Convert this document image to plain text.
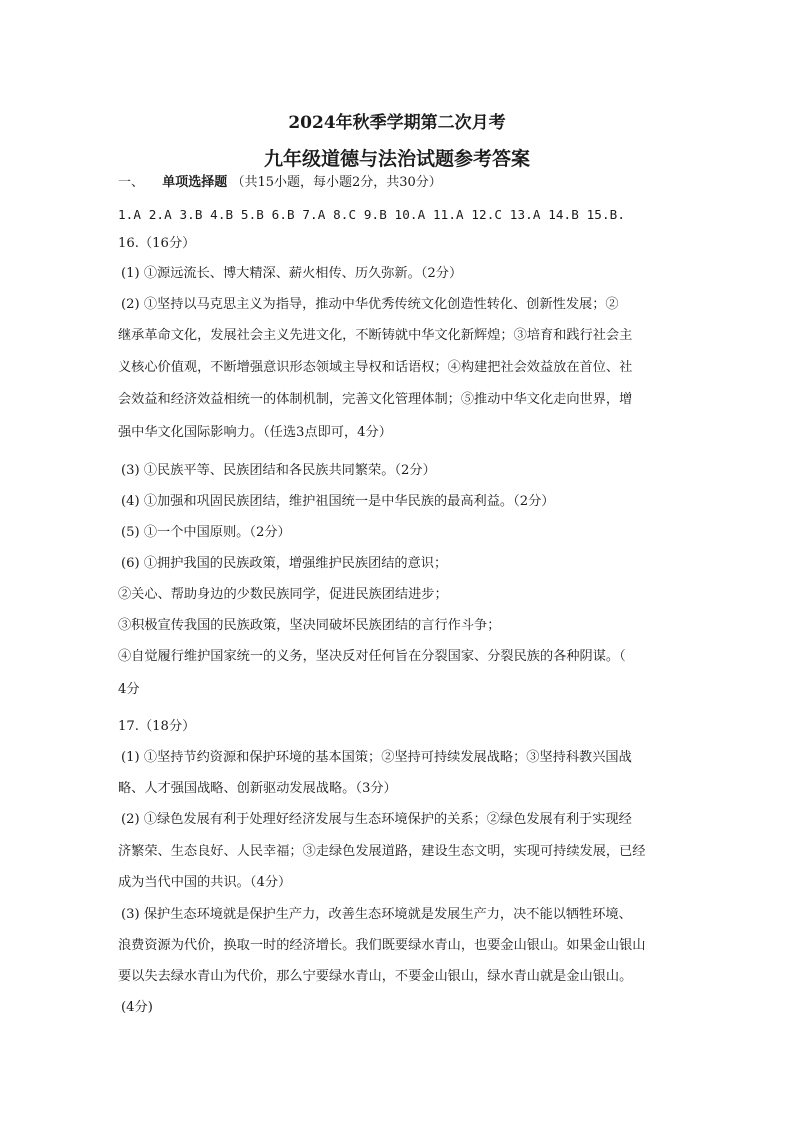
2024年秋季学期第二次月考
九年级道德与法治试题参考答案
一、 单项选择题 （共15小题，每小题2分，共30分）
1.A 2.A 3.B 4.B 5.B 6.B 7.A 8.C 9.B 10.A 11.A 12.C 13.A 14.B 15.B.
16.（16分）
(1) ①源远流长、博大精深、薪火相传、历久弥新。（2分）
(2) ①坚持以马克思主义为指导，推动中华优秀传统文化创造性转化、创新性发展；②
继承革命文化，发展社会主义先进文化，不断铸就中华文化新辉煌；③培育和践行社会主
义核心价值观，不断增强意识形态领域主导权和话语权；④构建把社会效益放在首位、社
会效益和经济效益相统一的体制机制，完善文化管理体制；⑤推动中华文化走向世界，增
强中华文化国际影响力。（任选3点即可，4分）
(3) ①民族平等、民族团结和各民族共同繁荣。（2分）
(4) ①加强和巩固民族团结，维护祖国统一是中华民族的最高利益。（2分）
(5) ①一个中国原则。（2分）
(6) ①拥护我国的民族政策，增强维护民族团结的意识；
②关心、帮助身边的少数民族同学，促进民族团结进步；
③积极宣传我国的民族政策，坚决同破坏民族团结的言行作斗争；
④自觉履行维护国家统一的义务，坚决反对任何旨在分裂国家、分裂民族的各种阴谋。（
4分
17.（18分）
(1) ①坚持节约资源和保护环境的基本国策；②坚持可持续发展战略；③坚持科教兴国战
略、人才强国战略、创新驱动发展战略。（3分）
(2) ①绿色发展有利于处理好经济发展与生态环境保护的关系；②绿色发展有利于实现经
济繁荣、生态良好、人民幸福；③走绿色发展道路，建设生态文明，实现可持续发展，已经
成为当代中国的共识。（4分）
(3) 保护生态环境就是保护生产力，改善生态环境就是发展生产力，决不能以牺牲环境、
浪费资源为代价，换取一时的经济增长。我们既要绿水青山，也要金山银山。如果金山银山
要以失去绿水青山为代价，那么宁要绿水青山，不要金山银山，绿水青山就是金山银山。
(4分)
